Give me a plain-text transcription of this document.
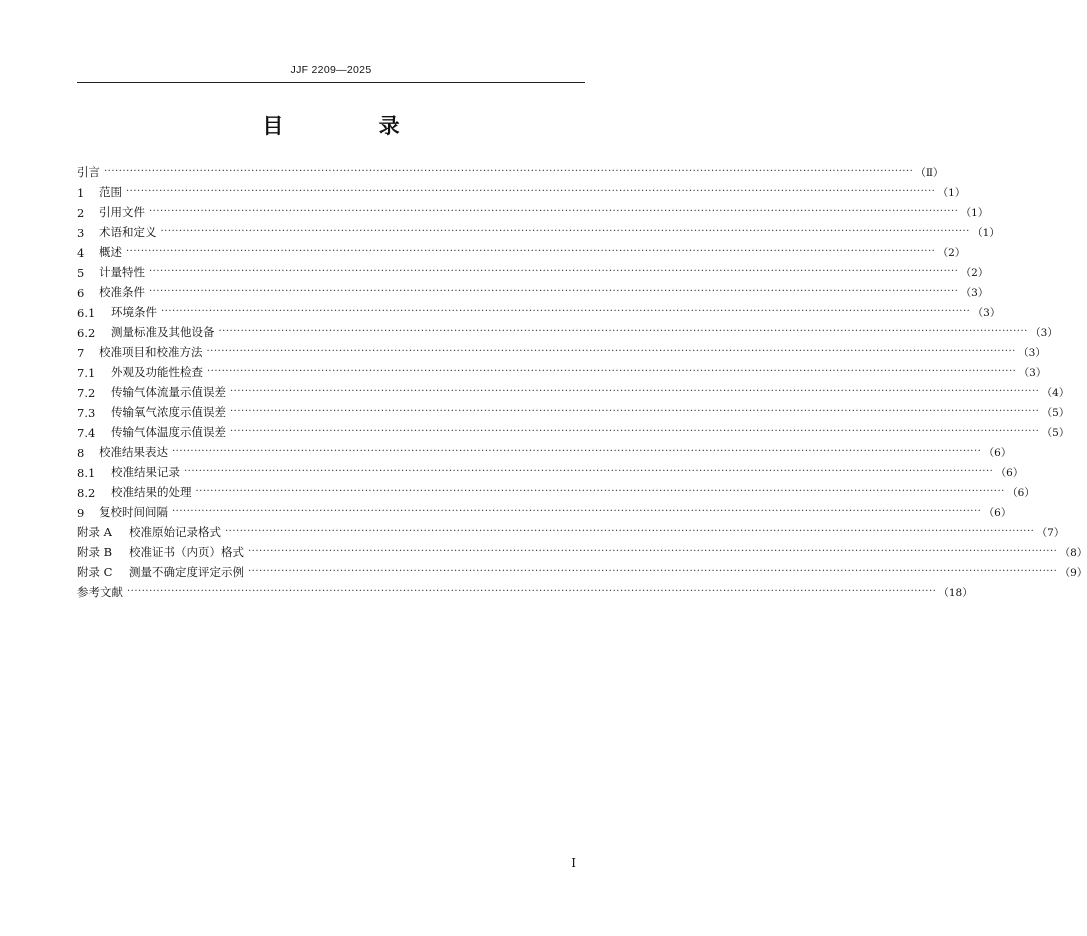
JJF 2209—2025
目 录
引言 ···························································································································································································································· （Ⅱ）
1	范围 ···························································································································································································································· （1）
2	引用文件 ···························································································································································································································· （1）
3	术语和定义 ···························································································································································································································· （1）
4	概述 ···························································································································································································································· （2）
5	计量特性 ···························································································································································································································· （2）
6	校准条件 ···························································································································································································································· （3）
6.1	环境条件 ···························································································································································································································· （3）
6.2	测量标准及其他设备 ···························································································································································································································· （3）
7	校准项目和校准方法 ···························································································································································································································· （3）
7.1	外观及功能性检查 ···························································································································································································································· （3）
7.2	传输气体流量示值误差 ···························································································································································································································· （4）
7.3	传输氧气浓度示值误差 ···························································································································································································································· （5）
7.4	传输气体温度示值误差 ···························································································································································································································· （5）
8	校准结果表达 ···························································································································································································································· （6）
8.1	校准结果记录 ···························································································································································································································· （6）
8.2	校准结果的处理 ···························································································································································································································· （6）
9	复校时间间隔 ···························································································································································································································· （6）
附录 A	校准原始记录格式 ···························································································································································································································· （7）
附录 B	校准证书（内页）格式 ···························································································································································································································· （8）
附录 C	测量不确定度评定示例 ···························································································································································································································· （9）
参考文献 ···························································································································································································································· （18）
I
